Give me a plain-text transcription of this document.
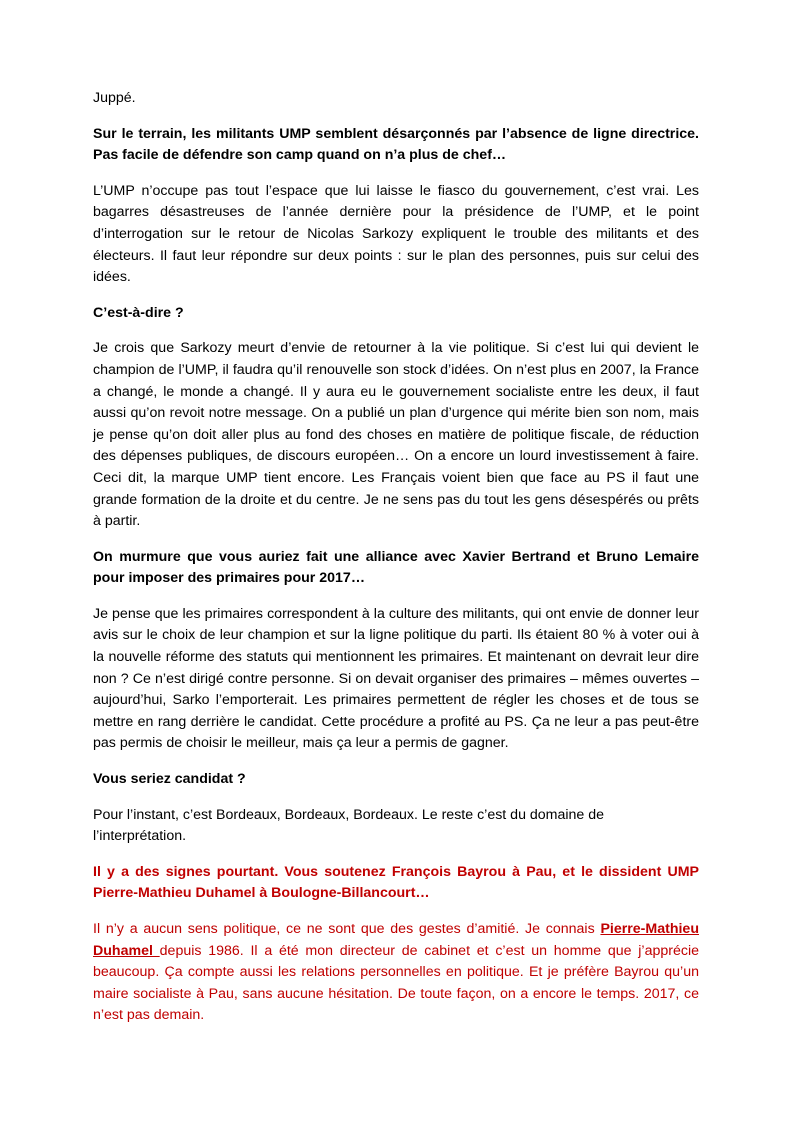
Juppé.

Sur le terrain, les militants UMP semblent désarçonnés par l’absence de ligne directrice. Pas facile de défendre son camp quand on n’a plus de chef…

L’UMP n’occupe pas tout l’espace que lui laisse le fiasco du gouvernement, c’est vrai. Les bagarres désastreuses de l’année dernière pour la présidence de l’UMP, et le point d’interrogation sur le retour de Nicolas Sarkozy expliquent le trouble des militants et des électeurs. Il faut leur répondre sur deux points : sur le plan des personnes, puis sur celui des idées.

C’est-à-dire ?

Je crois que Sarkozy meurt d’envie de retourner à la vie politique. Si c’est lui qui devient le champion de l’UMP, il faudra qu’il renouvelle son stock d’idées. On n’est plus en 2007, la France a changé, le monde a changé. Il y aura eu le gouvernement socialiste entre les deux, il faut aussi qu’on revoit notre message. On a publié un plan d’urgence qui mérite bien son nom, mais je pense qu’on doit aller plus au fond des choses en matière de politique fiscale, de réduction des dépenses publiques, de discours européen… On a encore un lourd investissement à faire. Ceci dit, la marque UMP tient encore. Les Français voient bien que face au PS il faut une grande formation de la droite et du centre. Je ne sens pas du tout les gens désespérés ou prêts à partir.

On murmure que vous auriez fait une alliance avec Xavier Bertrand et Bruno Lemaire pour imposer des primaires pour 2017…

Je pense que les primaires correspondent à la culture des militants, qui ont envie de donner leur avis sur le choix de leur champion et sur la ligne politique du parti. Ils étaient 80 % à voter oui à la nouvelle réforme des statuts qui mentionnent les primaires. Et maintenant on devrait leur dire non ? Ce n’est dirigé contre personne. Si on devait organiser des primaires – mêmes ouvertes – aujourd’hui, Sarko l’emporterait. Les primaires permettent de régler les choses et de tous se mettre en rang derrière le candidat. Cette procédure a profité au PS. Ça ne leur a pas peut-être pas permis de choisir le meilleur, mais ça leur a permis de gagner.

Vous seriez candidat ?

Pour l’instant, c’est Bordeaux, Bordeaux, Bordeaux. Le reste c’est du domaine de l’interprétation.

Il y a des signes pourtant. Vous soutenez François Bayrou à Pau, et le dissident UMP Pierre-Mathieu Duhamel à Boulogne-Billancourt…

Il n’y a aucun sens politique, ce ne sont que des gestes d’amitié. Je connais Pierre-Mathieu Duhamel depuis 1986. Il a été mon directeur de cabinet et c’est un homme que j’apprécie beaucoup. Ça compte aussi les relations personnelles en politique. Et je préfère Bayrou qu’un maire socialiste à Pau, sans aucune hésitation. De toute façon, on a encore le temps. 2017, ce n’est pas demain.
